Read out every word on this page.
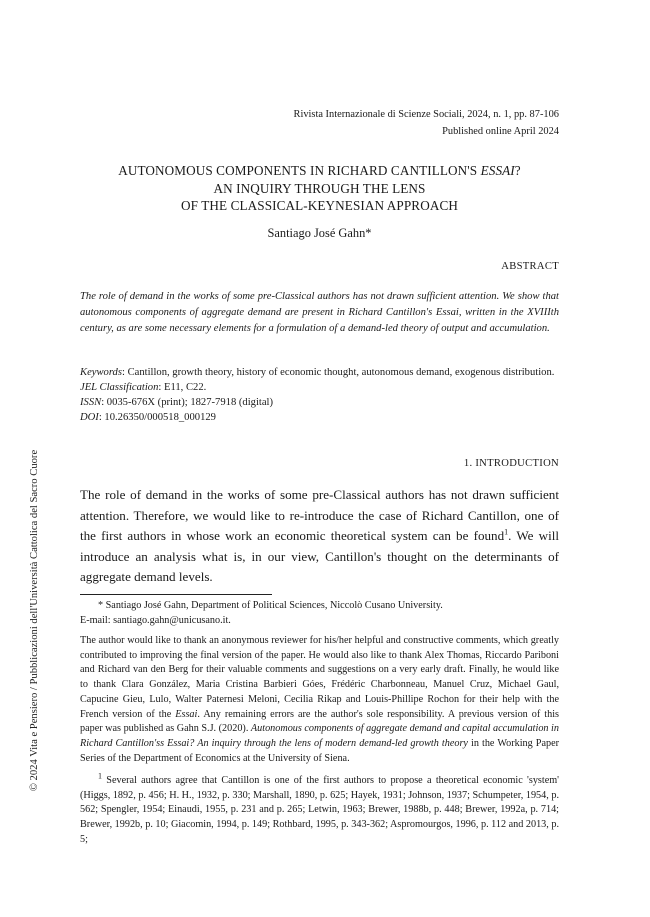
© 2024 Vita e Pensiero / Pubblicazioni dell'Università Cattolica del Sacro Cuore
Rivista Internazionale di Scienze Sociali, 2024, n. 1, pp. 87-106
Published online April 2024
AUTONOMOUS COMPONENTS IN RICHARD CANTILLON'S ESSAI?
AN INQUIRY THROUGH THE LENS
OF THE CLASSICAL-KEYNESIAN APPROACH
Santiago José Gahn*
ABSTRACT

The role of demand in the works of some pre-Classical authors has not drawn sufficient attention. We show that autonomous components of aggregate demand are present in Richard Cantillon's Essai, written in the XVIIIth century, as are some necessary elements for a formulation of a demand-led theory of output and accumulation.

Keywords: Cantillon, growth theory, history of economic thought, autonomous demand, exogenous distribution.
JEL Classification: E11, C22.
ISSN: 0035-676X (print); 1827-7918 (digital)
DOI: 10.26350/000518_000129
1. INTRODUCTION

The role of demand in the works of some pre-Classical authors has not drawn sufficient attention. Therefore, we would like to re-introduce the case of Richard Cantillon, one of the first authors in whose work an economic theoretical system can be found$^1$. We will introduce an analysis what is, in our view, Cantillon's thought on the determinants of aggregate demand levels.

* Santiago José Gahn, Department of Political Sciences, Niccolò Cusano University.
E-mail: santiago.gahn@unicusano.it.

The author would like to thank an anonymous reviewer for his/her helpful and constructive comments, which greatly contributed to improving the final version of the paper. He would also like to thank Alex Thomas, Riccardo Pariboni and Richard van den Berg for their valuable comments and suggestions on a very early draft. Finally, he would like to thank Clara González, Maria Cristina Barbieri Góes, Frédéric Charbonneau, Manuel Cruz, Michael Gaul, Capucine Gieu, Lulo, Walter Paternesi Meloni, Cecilia Rikap and Louis-Phillipe Rochon for their help with the French version of the Essai. Any remaining errors are the author's sole responsibility. A previous version of this paper was published as Gahn S.J. (2020). Autonomous components of aggregate demand and capital accumulation in Richard Cantillon'ss Essai? An inquiry through the lens of modern demand-led growth theory in the Working Paper Series of the Department of Economics at the University of Siena.

$^1$ Several authors agree that Cantillon is one of the first authors to propose a theoretical economic 'system' (Higgs, 1892, p. 456; H. H., 1932, p. 330; Marshall, 1890, p. 625; Hayek, 1931; Johnson, 1937; Schumpeter, 1954, p. 562; Spengler, 1954; Einaudi, 1955, p. 231 and p. 265; Letwin, 1963; Brewer, 1988b, p. 448; Brewer, 1992a, p. 714; Brewer, 1992b, p. 10; Giacomin, 1994, p. 149; Rothbard, 1995, p. 343-362; Aspromourgos, 1996, p. 112 and 2013, p. 5;
